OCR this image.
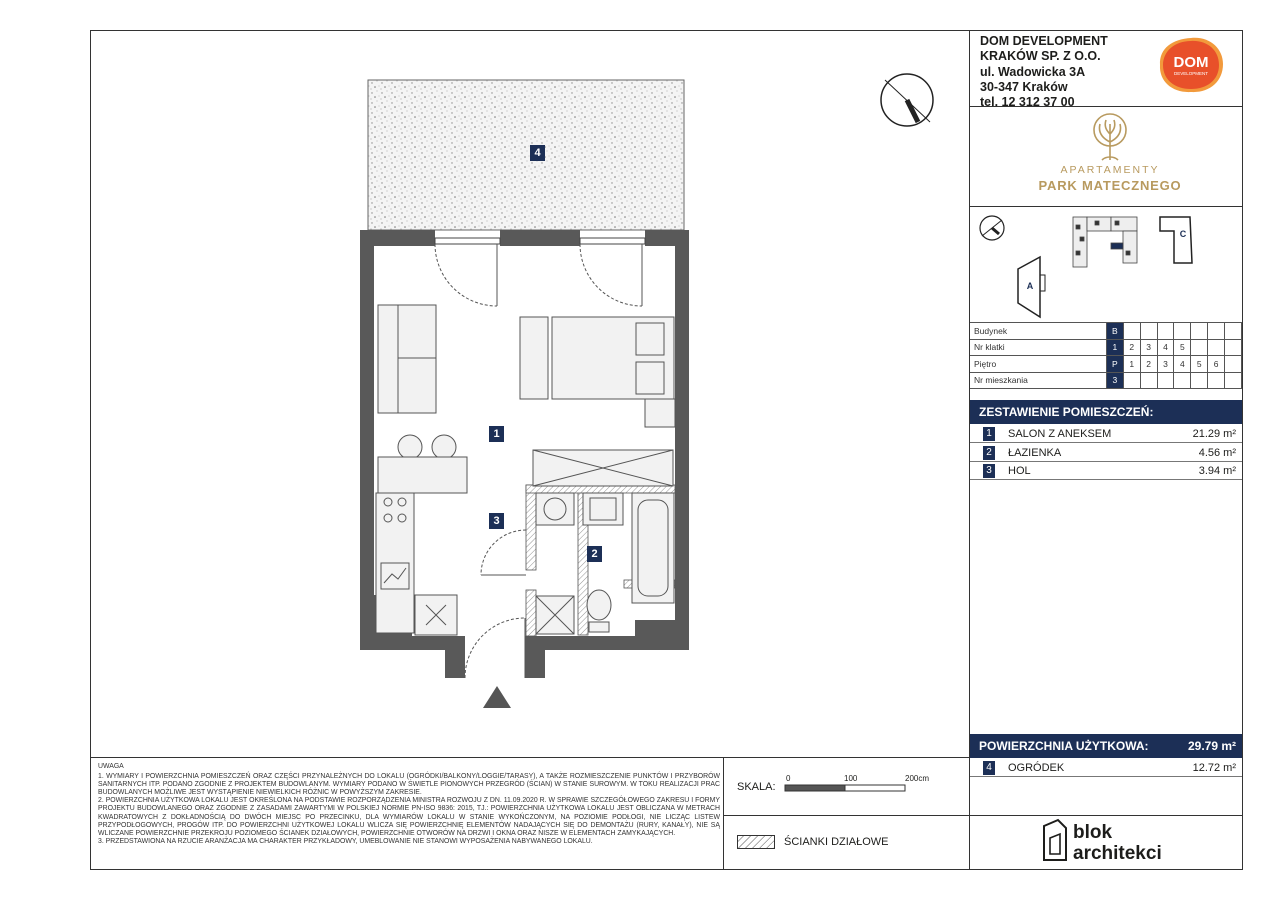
DOM DEVELOPMENT
KRAKÓW SP. Z O.O.
ul. Wadowicka 3A
30-347 Kraków
tel. 12 312 37 00
DOM
DEVELOPMENT
APARTAMENTY
PARK MATECZNEGO
A
C
Budynek	B							
Nr klatki	1	2	3	4	5			
Piętro	P	1	2	3	4	5	6	
Nr mieszkania	3							
ZESTAWIENIE POMIESZCZEŃ:
1 SALON Z ANEKSEM	21.29 m²
2 ŁAZIENKA	4.56 m²
3 HOL	3.94 m²
POWIERZCHNIA UŻYTKOWA:	29.79 m²
4 OGRÓDEK	12.72 m²
UWAGA
1. WYMIARY I POWIERZCHNIA POMIESZCZEŃ ORAZ CZĘŚCI PRZYNALEŻNYCH DO LOKALU (OGRÓDKI/BALKONY/LOGGIE/TARASY), A TAKŻE ROZMIESZCZENIE PUNKTÓW I PRZYBORÓW SANITARNYCH ITP. PODANO ZGODNIE Z PROJEKTEM BUDOWLANYM. WYMIARY PODANO W ŚWIETLE PIONOWYCH PRZEGRÓD (ŚCIAN) W STANIE SUROWYM. W TOKU REALIZACJI PRAC BUDOWLANYCH MOŻLIWE JEST WYSTĄPIENIE NIEWIELKICH RÓŻNIC W POWYŻSZYM ZAKRESIE.
2. POWIERZCHNIA UŻYTKOWA LOKALU JEST OKREŚLONA NA PODSTAWIE ROZPORZĄDZENIA MINISTRA ROZWOJU Z DN. 11.09.2020 R. W SPRAWIE SZCZEGÓŁOWEGO ZAKRESU I FORMY PROJEKTU BUDOWLANEGO ORAZ ZGODNIE Z ZASADAMI ZAWARTYMI W POLSKIEJ NORMIE PN-ISO 9836: 2015, TJ.: POWIERZCHNIA UŻYTKOWA LOKALU JEST OBLICZANA W METRACH KWADRATOWYCH Z DOKŁADNOŚCIĄ DO DWÓCH MIEJSC PO PRZECINKU, DLA WYMIARÓW LOKALU W STANIE WYKOŃCZONYM, NA POZIOMIE PODŁOGI, NIE LICZĄC LISTEW PRZYPODŁOGOWYCH, PROGÓW ITP. DO POWIERZCHNI UŻYTKOWEJ LOKALU WLICZA SIĘ POWIERZCHNIĘ ELEMENTÓW NADAJĄCYCH SIĘ DO DEMONTAŻU (RURY, KANAŁY), NIE SĄ WLICZANE POWIERZCHNIE PRZEKROJU POZIOMEGO ŚCIANEK DZIAŁOWYCH, POWIERZCHNIE OTWORÓW NA DRZWI I OKNA ORAZ NISZE W ELEMENTACH ZAMYKAJĄCYCH.
3. PRZEDSTAWIONA NA RZUCIE ARANŻACJA MA CHARAKTER PRZYKŁADOWY, UMEBLOWANIE NIE STANOWI WYPOSAŻENIA NABYWANEGO LOKALU.
SKALA:
0	100	200cm
ŚCIANKI DZIAŁOWE	blok
architekci
1
2
3
4
